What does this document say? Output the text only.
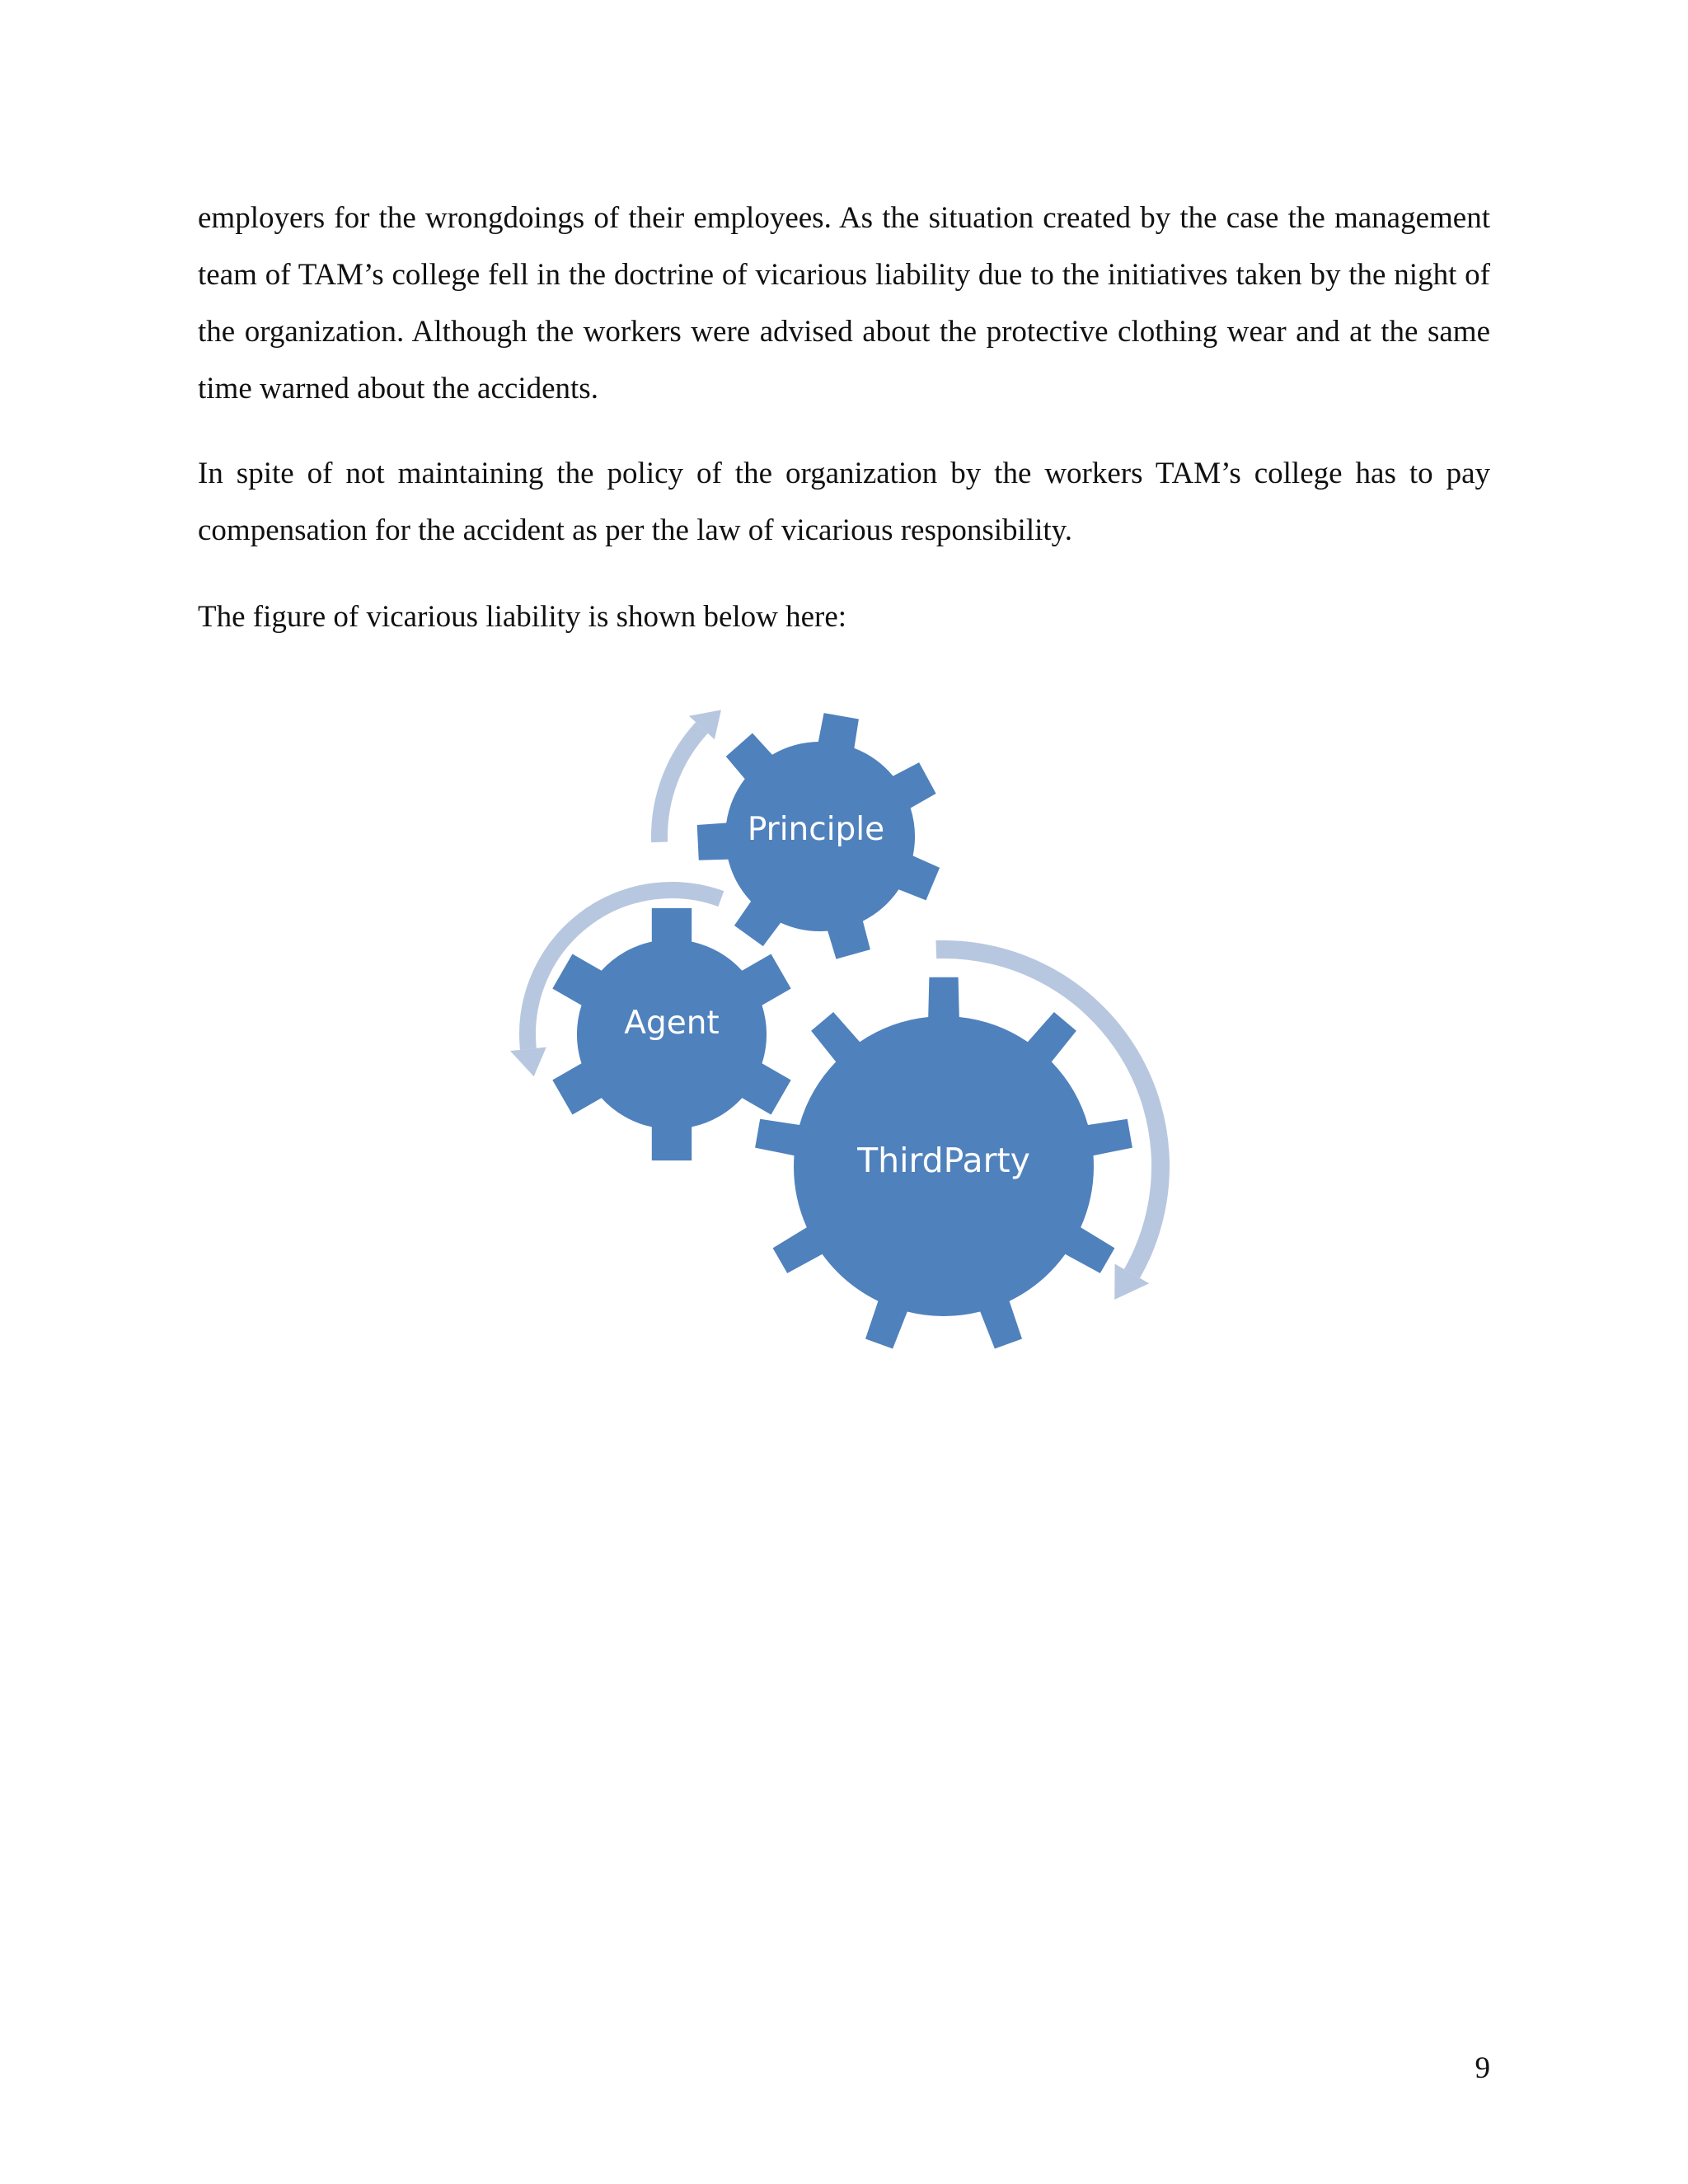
employers for the wrongdoings of their employees. As the situation created by the case the management team of TAM’s college fell in the doctrine of vicarious liability due to the initiatives taken by the night of the organization. Although the workers were advised about the protective clothing wear and at the same time warned about the accidents.

In spite of not maintaining the policy of the organization by the workers TAM’s college has to pay compensation for the accident as per the law of vicarious responsibility.

The figure of vicarious liability is shown below here:

Principle
Agent
ThirdParty

9
